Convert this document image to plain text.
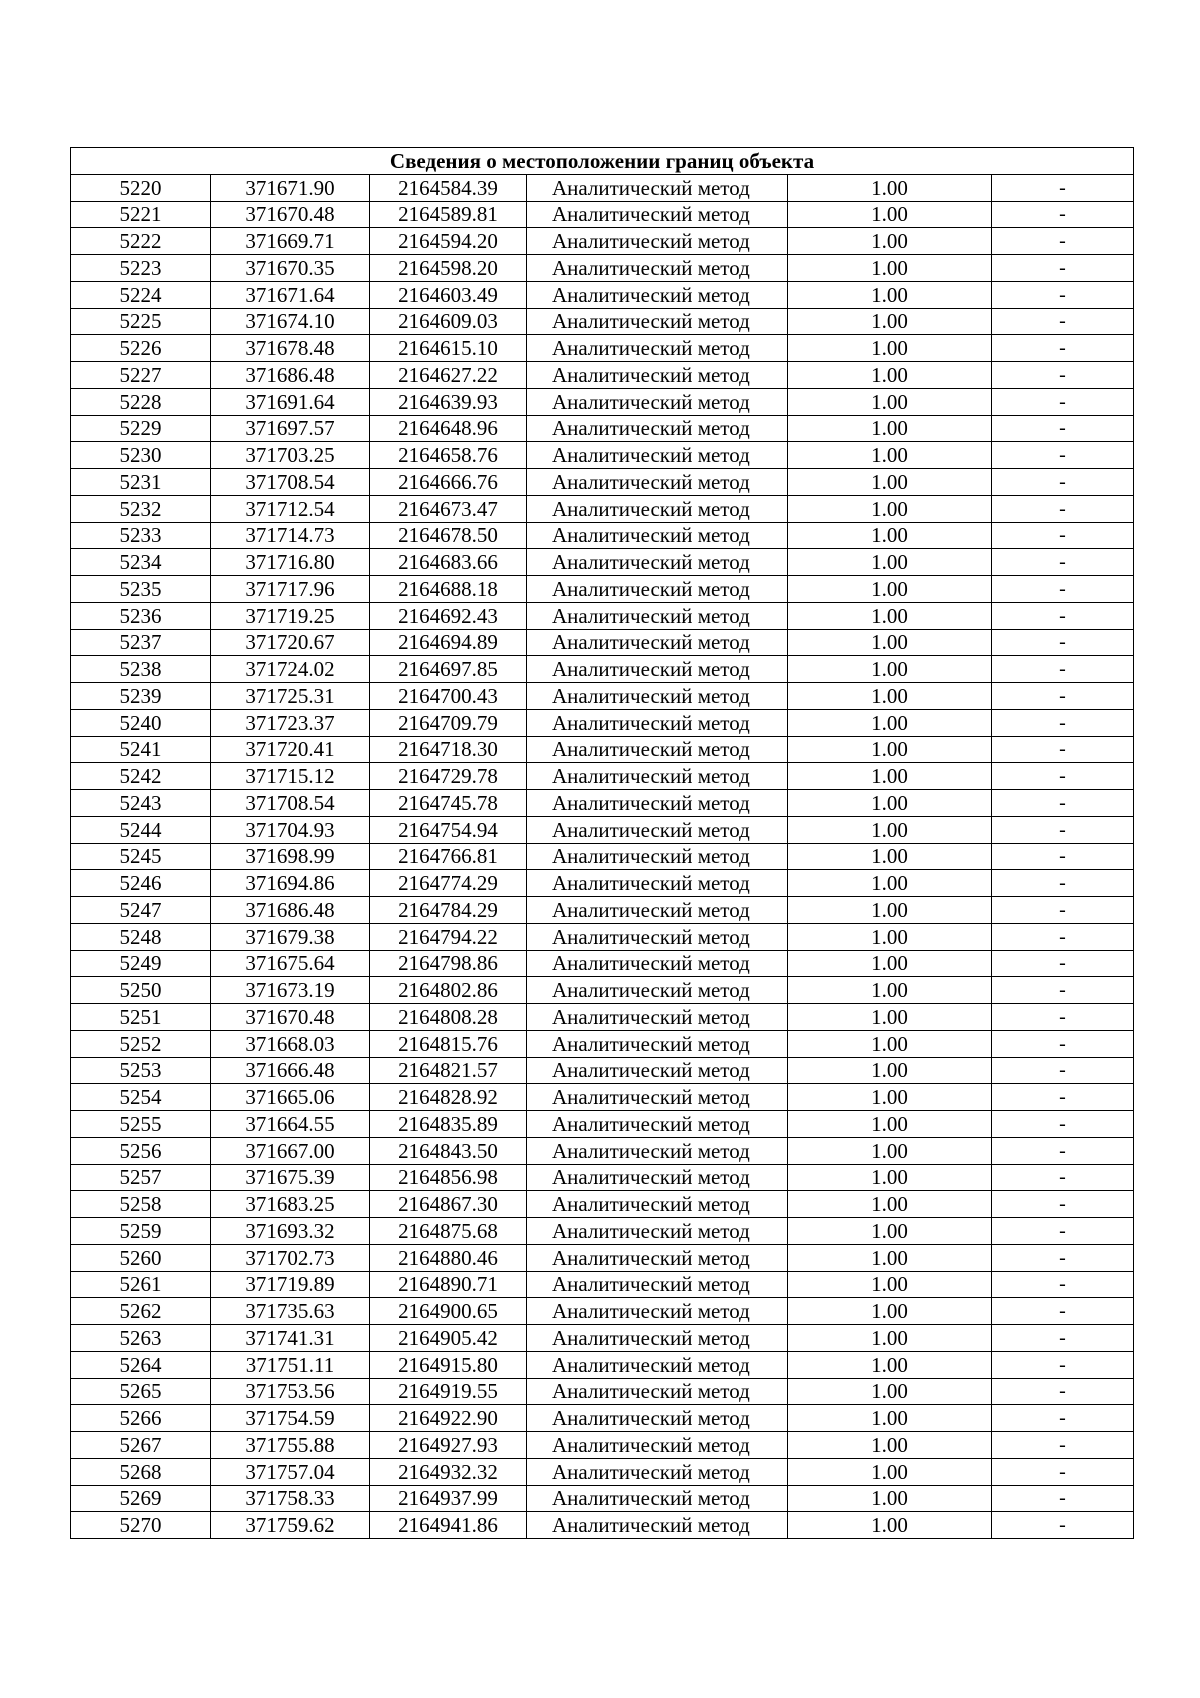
Сведения о местоположении границ объекта					
5220	371671.90	2164584.39	Аналитический метод	1.00	-
5221	371670.48	2164589.81	Аналитический метод	1.00	-
5222	371669.71	2164594.20	Аналитический метод	1.00	-
5223	371670.35	2164598.20	Аналитический метод	1.00	-
5224	371671.64	2164603.49	Аналитический метод	1.00	-
5225	371674.10	2164609.03	Аналитический метод	1.00	-
5226	371678.48	2164615.10	Аналитический метод	1.00	-
5227	371686.48	2164627.22	Аналитический метод	1.00	-
5228	371691.64	2164639.93	Аналитический метод	1.00	-
5229	371697.57	2164648.96	Аналитический метод	1.00	-
5230	371703.25	2164658.76	Аналитический метод	1.00	-
5231	371708.54	2164666.76	Аналитический метод	1.00	-
5232	371712.54	2164673.47	Аналитический метод	1.00	-
5233	371714.73	2164678.50	Аналитический метод	1.00	-
5234	371716.80	2164683.66	Аналитический метод	1.00	-
5235	371717.96	2164688.18	Аналитический метод	1.00	-
5236	371719.25	2164692.43	Аналитический метод	1.00	-
5237	371720.67	2164694.89	Аналитический метод	1.00	-
5238	371724.02	2164697.85	Аналитический метод	1.00	-
5239	371725.31	2164700.43	Аналитический метод	1.00	-
5240	371723.37	2164709.79	Аналитический метод	1.00	-
5241	371720.41	2164718.30	Аналитический метод	1.00	-
5242	371715.12	2164729.78	Аналитический метод	1.00	-
5243	371708.54	2164745.78	Аналитический метод	1.00	-
5244	371704.93	2164754.94	Аналитический метод	1.00	-
5245	371698.99	2164766.81	Аналитический метод	1.00	-
5246	371694.86	2164774.29	Аналитический метод	1.00	-
5247	371686.48	2164784.29	Аналитический метод	1.00	-
5248	371679.38	2164794.22	Аналитический метод	1.00	-
5249	371675.64	2164798.86	Аналитический метод	1.00	-
5250	371673.19	2164802.86	Аналитический метод	1.00	-
5251	371670.48	2164808.28	Аналитический метод	1.00	-
5252	371668.03	2164815.76	Аналитический метод	1.00	-
5253	371666.48	2164821.57	Аналитический метод	1.00	-
5254	371665.06	2164828.92	Аналитический метод	1.00	-
5255	371664.55	2164835.89	Аналитический метод	1.00	-
5256	371667.00	2164843.50	Аналитический метод	1.00	-
5257	371675.39	2164856.98	Аналитический метод	1.00	-
5258	371683.25	2164867.30	Аналитический метод	1.00	-
5259	371693.32	2164875.68	Аналитический метод	1.00	-
5260	371702.73	2164880.46	Аналитический метод	1.00	-
5261	371719.89	2164890.71	Аналитический метод	1.00	-
5262	371735.63	2164900.65	Аналитический метод	1.00	-
5263	371741.31	2164905.42	Аналитический метод	1.00	-
5264	371751.11	2164915.80	Аналитический метод	1.00	-
5265	371753.56	2164919.55	Аналитический метод	1.00	-
5266	371754.59	2164922.90	Аналитический метод	1.00	-
5267	371755.88	2164927.93	Аналитический метод	1.00	-
5268	371757.04	2164932.32	Аналитический метод	1.00	-
5269	371758.33	2164937.99	Аналитический метод	1.00	-
5270	371759.62	2164941.86	Аналитический метод	1.00	-
